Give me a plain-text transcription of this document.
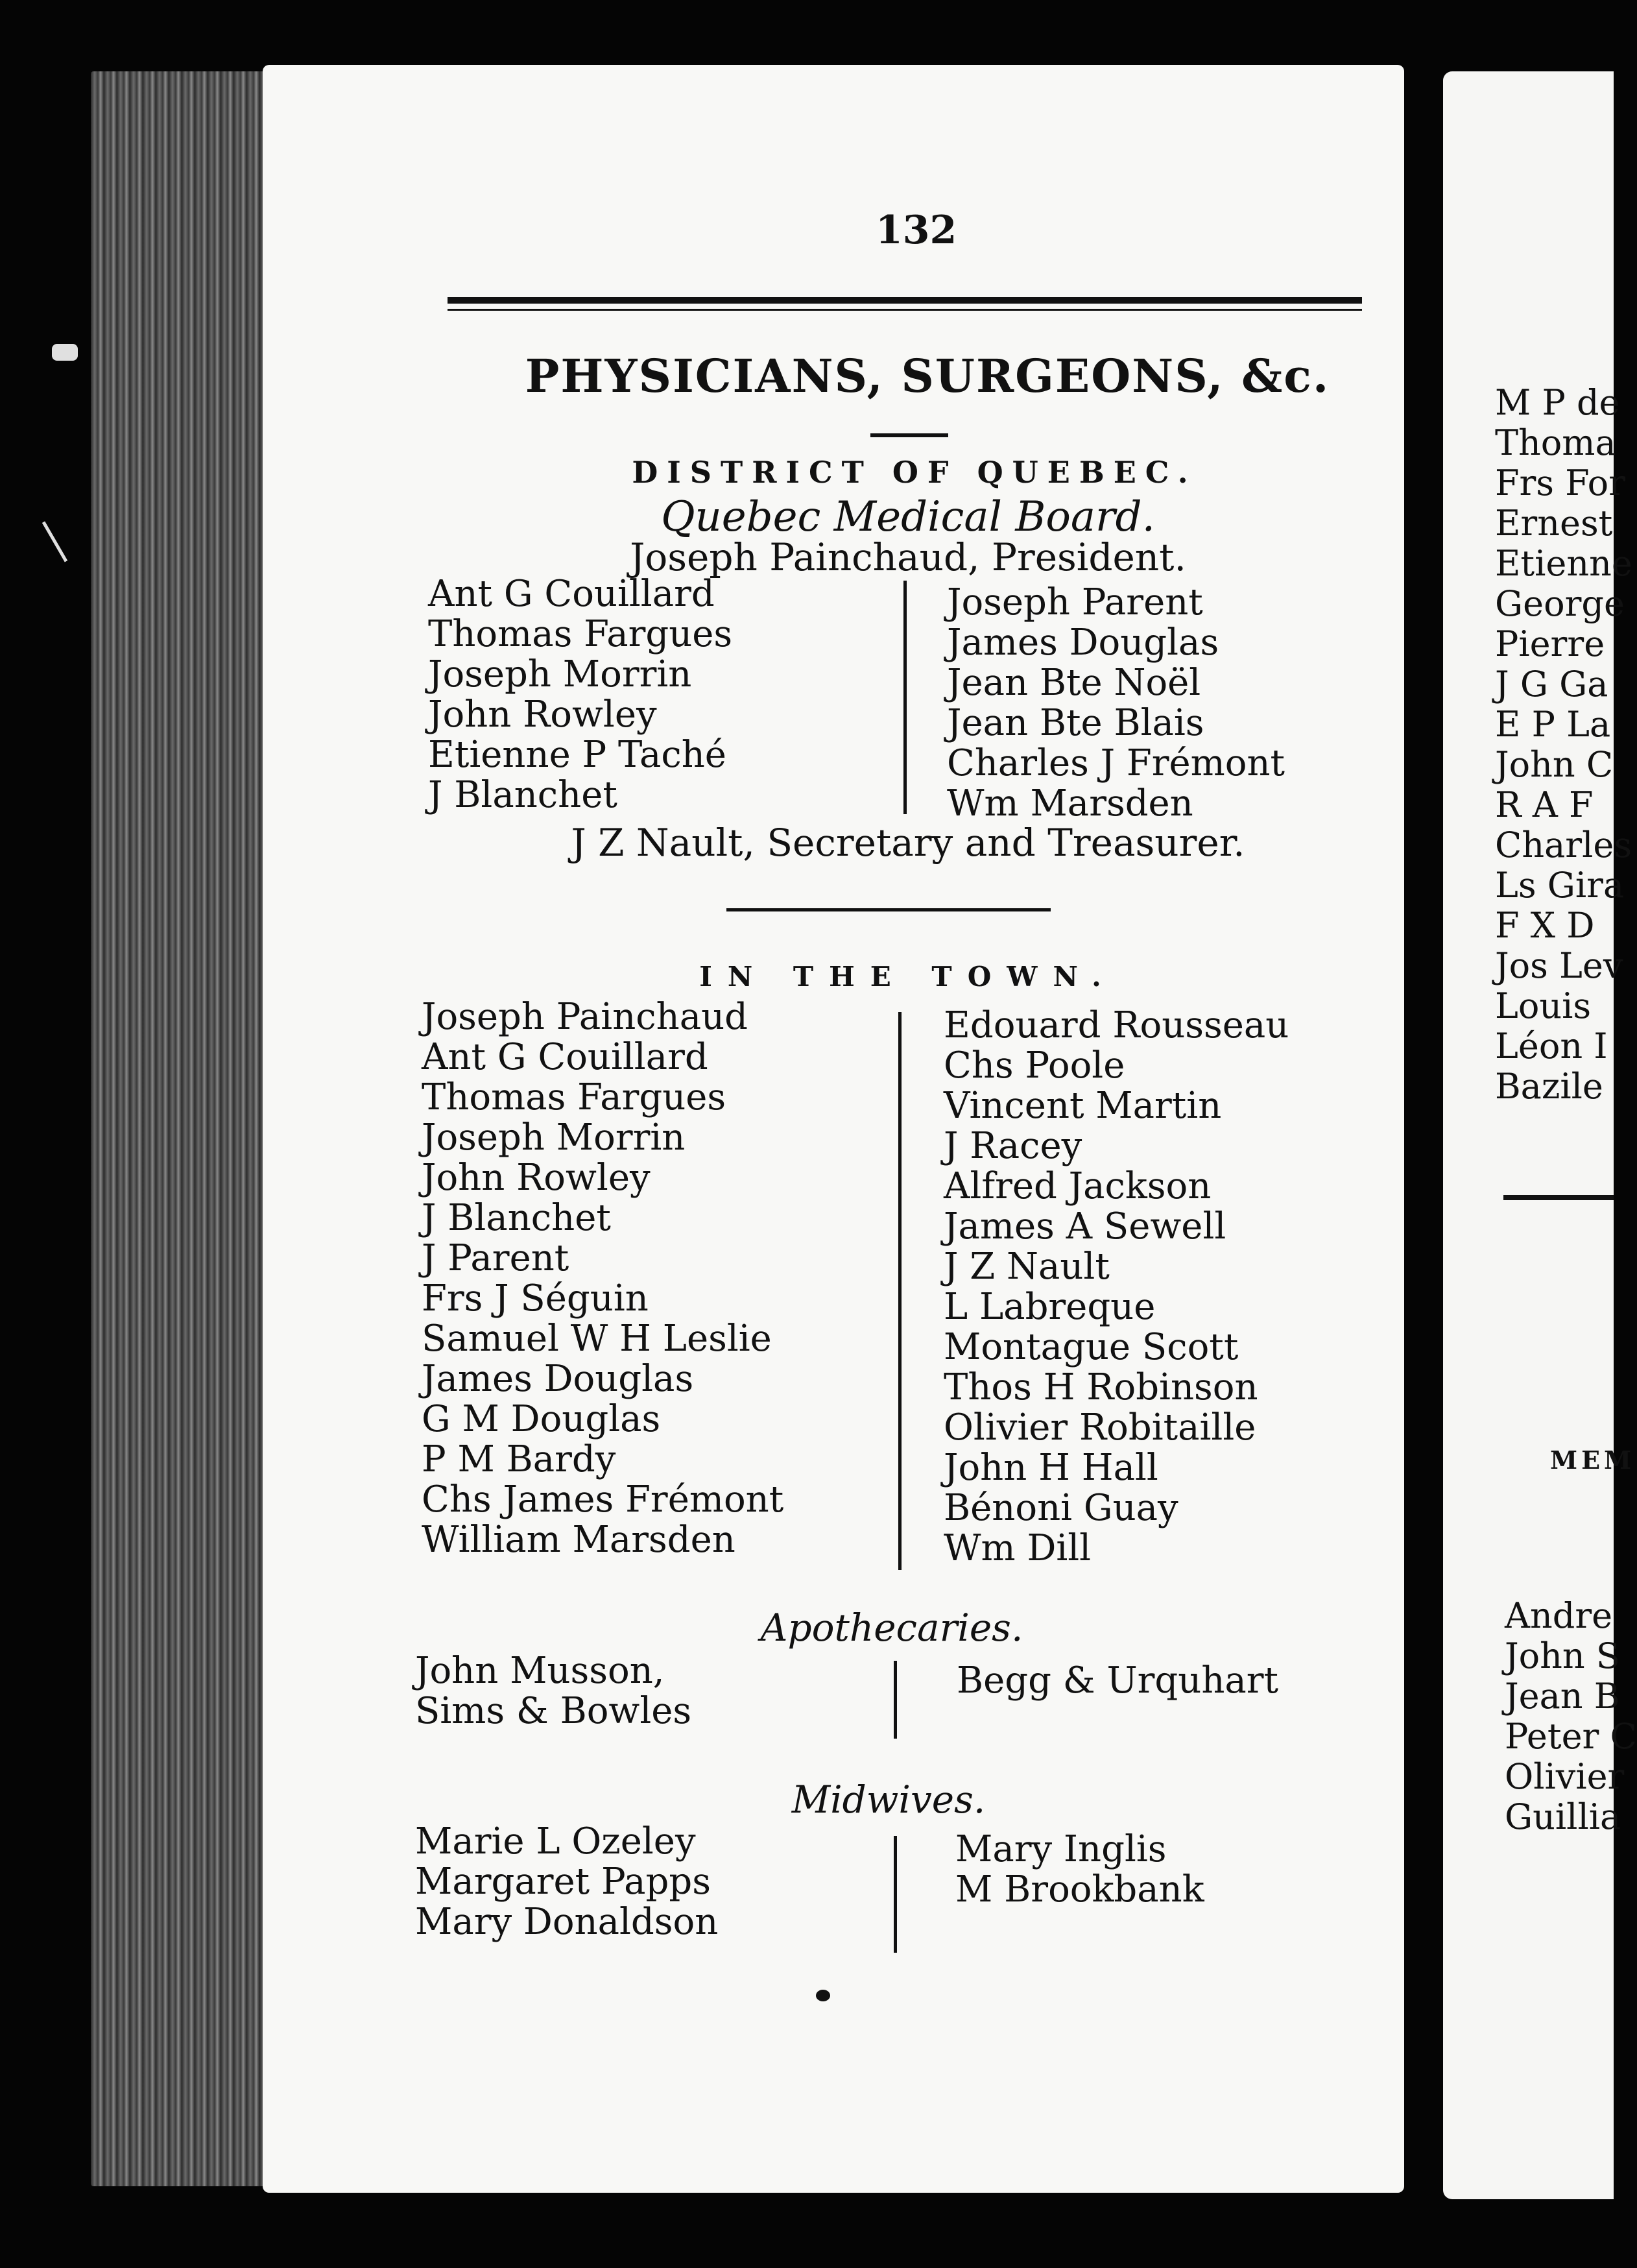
132
PHYSICIANS, SURGEONS, &c.
DISTRICT OF QUEBEC.
Quebec Medical Board.
Joseph Painchaud, President.
Ant G Couillard
Thomas Fargues
Joseph Morrin
John Rowley
Etienne P Taché
J Blanchet
Joseph Parent
James Douglas
Jean Bte Noël
Jean Bte Blais
Charles J Frémont
Wm Marsden
J Z Nault, Secretary and Treasurer.
IN THE TOWN.
Joseph Painchaud
Ant G Couillard
Thomas Fargues
Joseph Morrin
John Rowley
J Blanchet
J Parent
Frs J Séguin
Samuel W H Leslie
James Douglas
G M Douglas
P M Bardy
Chs James Frémont
William Marsden
Edouard Rousseau
Chs Poole
Vincent Martin
J Racey
Alfred Jackson
James A Sewell
J Z Nault
L Labreque
Montague Scott
Thos H Robinson
Olivier Robitaille
John H Hall
Bénoni Guay
Wm Dill
Apothecaries.
John Musson,
Sims & Bowles
Begg & Urquhart
Midwives.
Marie L Ozeley
Margaret Papps
Mary Donaldson
Mary Inglis
M Brookbank
M P de
Thoma
Frs For
Ernest
Etienne
George
Pierre
J G Ga
E P La
John C
R A F
Charles
Ls Gira
F X D
Jos Lev
Louis
Léon I
Bazile
MEM
Andre
John S
Jean B
Peter C
Olivier
Guillia
